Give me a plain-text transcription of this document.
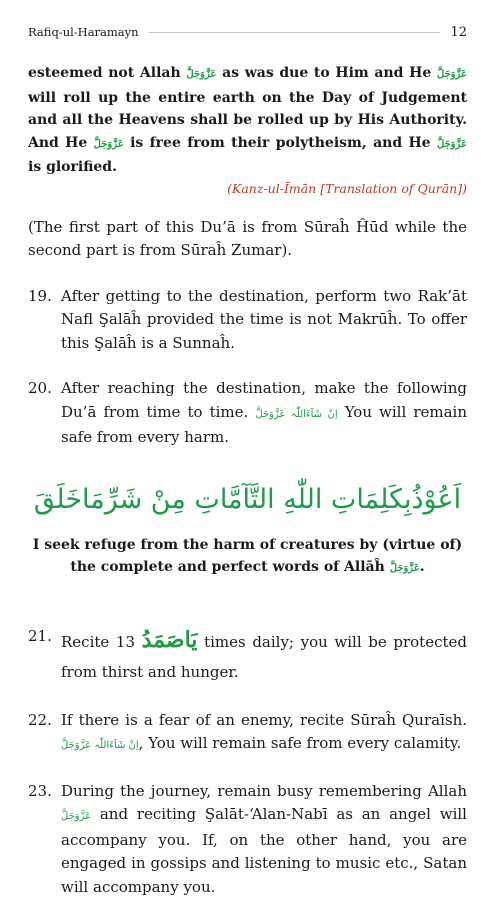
Rafiq-ul-Haramayn	12
esteemed not Allah عَزَّوَجَلَّ as was due to Him and He عَزَّوَجَلَّ will roll up the entire earth on the Day of Judgement and all the Heavens shall be rolled up by His Authority. And He عَزَّوَجَلَّ is free from their polytheism, and He عَزَّوَجَلَّ is glorified.
(Kanz-ul-Īmān [Translation of Qurān])
(The first part of this Du’ā is from Sūraĥ Ĥūd while the second part is from Sūraĥ Zumar).
19. After getting to the destination, perform two Rak’āt Nafl Şalāĥ provided the time is not Makrūĥ. To offer this Şalāĥ is a Sunnaĥ.
20. After reaching the destination, make the following Du’ā from time to time. اِنْ شَآءَاللّٰہ عَزَّوَجَلَّ You will remain safe from every harm.
اَعُوْذُبِكَلِمَاتِ اللّٰهِ التَّآمَّاتِ مِنْ شَرِّمَاخَلَقَ
I seek refuge from the harm of creatures by (virtue of) the complete and perfect words of Allāĥ عَزَّوَجَلَّ.
21. Recite يَاصَمَدُ 13 times daily; you will be protected from thirst and hunger.
22. If there is a fear of an enemy, recite Sūraĥ Quraīsh. اِنْ شَآءَاللّٰہ عَزَّوَجَلَّ, You will remain safe from every calamity.
23. During the journey, remain busy remembering Allah عَزَّوَجَلَّ and reciting Şalāt-‘Alan-Nabī as an angel will accompany you. If, on the other hand, you are engaged in gossips and listening to music etc., Satan will accompany you.
